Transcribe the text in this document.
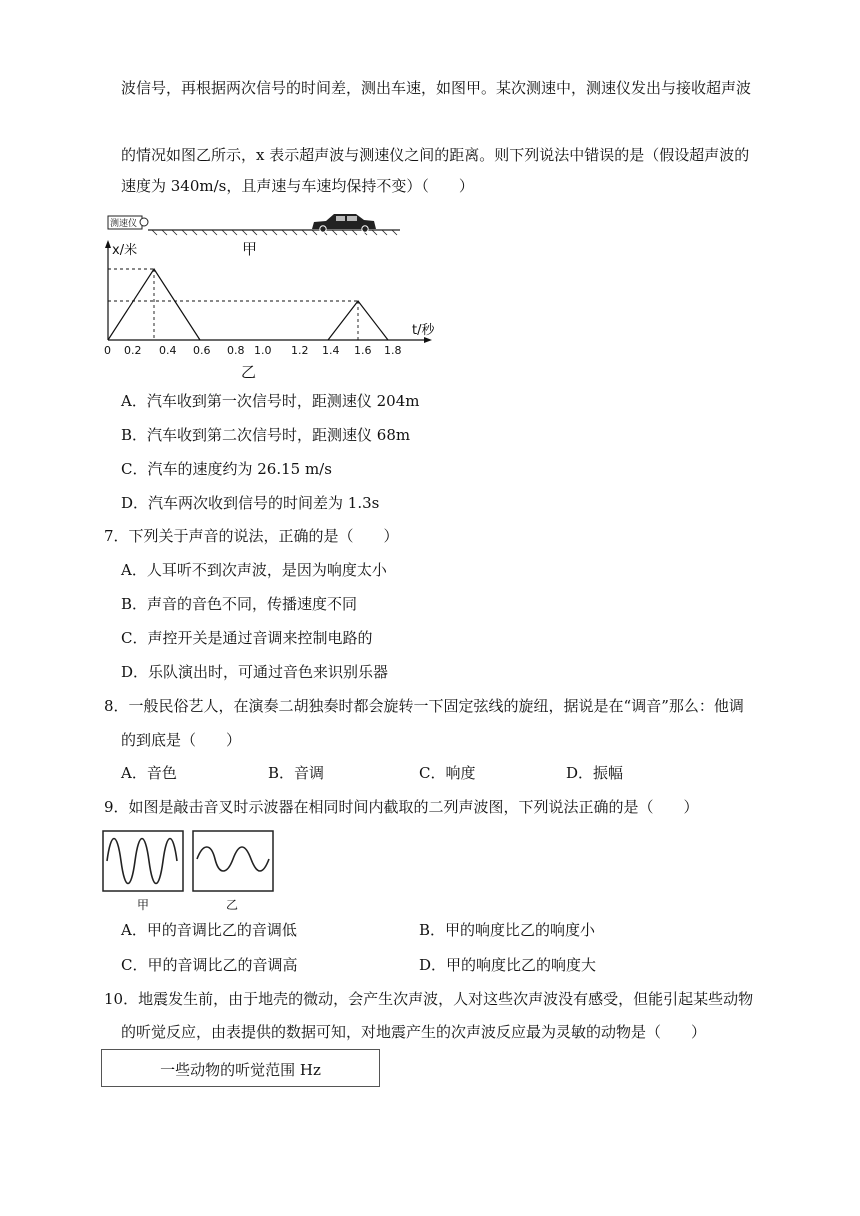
波信号，再根据两次信号的时间差，测出车速，如图甲。某次测速中，测速仪发出与接收超声波
的情况如图乙所示，x 表示超声波与测速仪之间的距离。则下列说法中错误的是（假设超声波的
速度为 340m/s，且声速与车速均保持不变）（　　）
测速仪
甲
x/米
t/秒
0 0.2 0.4 0.6 0.8 1.0 1.2 1.4 1.6 1.8
乙
A．汽车收到第一次信号时，距测速仪 204m
B．汽车收到第二次信号时，距测速仪 68m
C．汽车的速度约为 26.15 m/s
D．汽车两次收到信号的时间差为 1.3s
7．下列关于声音的说法，正确的是（　　）
A．人耳听不到次声波，是因为响度太小
B．声音的音色不同，传播速度不同
C．声控开关是通过音调来控制电路的
D．乐队演出时，可通过音色来识别乐器
8．一般民俗艺人，在演奏二胡独奏时都会旋转一下固定弦线的旋纽，据说是在“调音”那么：他调
的到底是（　　）
A．音色	B．音调	C．响度	D．振幅
9．如图是敲击音叉时示波器在相同时间内截取的二列声波图，下列说法正确的是（　　）
甲	乙
A．甲的音调比乙的音调低	B．甲的响度比乙的响度小
C．甲的音调比乙的音调高	D．甲的响度比乙的响度大
10．地震发生前，由于地壳的微动，会产生次声波，人对这些次声波没有感受，但能引起某些动物
的听觉反应，由表提供的数据可知，对地震产生的次声波反应最为灵敏的动物是（　　）
一些动物的听觉范围 Hz
